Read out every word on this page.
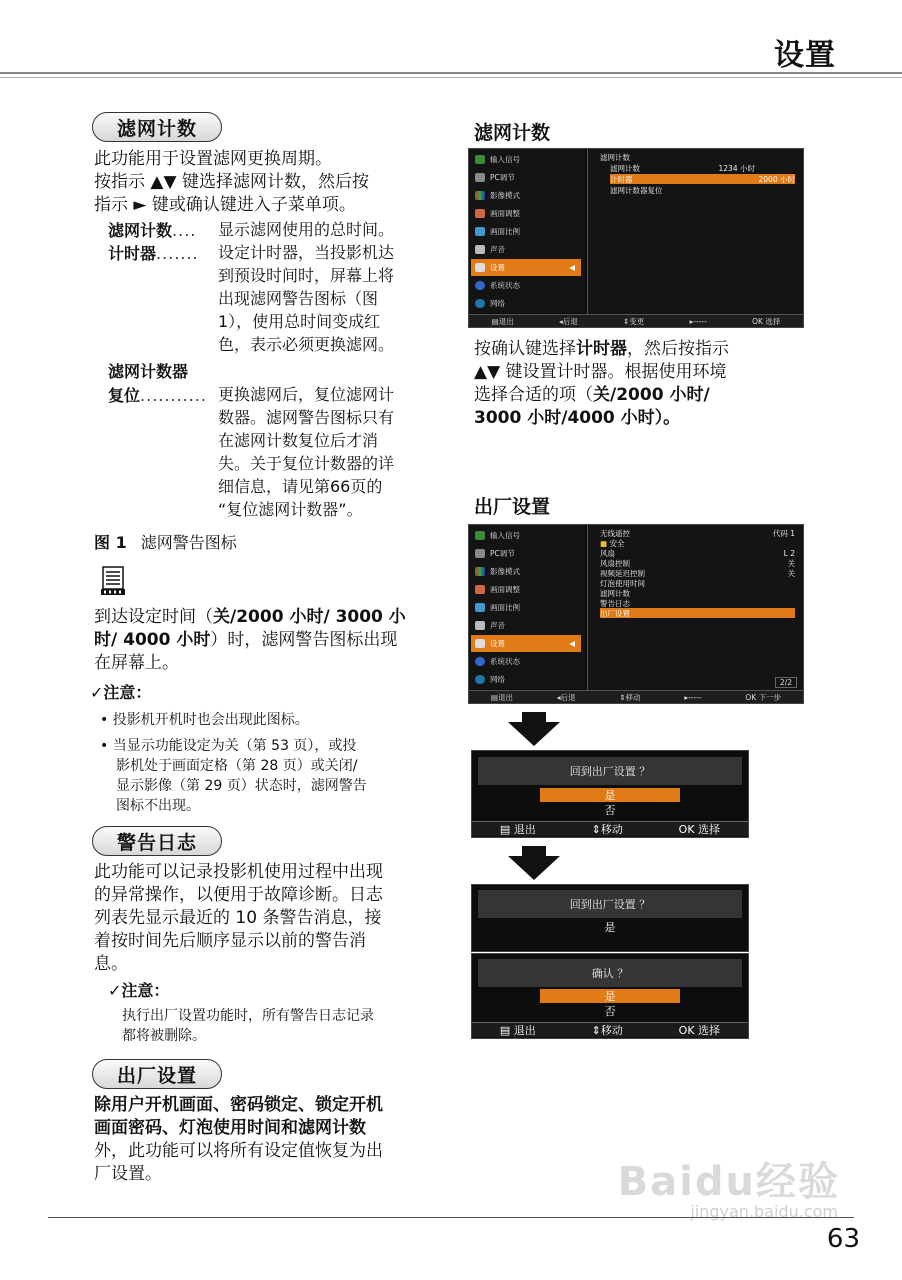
设置
滤网计数
此功能用于设置滤网更换周期。
按指示 ▲▼ 键选择滤网计数，然后按
指示 ► 键或确认键进入子菜单项。
滤网计数.... 显示滤网使用的总时间。
计时器....... 设定计时器，当投影机达
到预设时间时，屏幕上将
出现滤网警告图标（图
1），使用总时间变成红
色，表示必须更换滤网。
滤网计数器
复位........... 更换滤网后，复位滤网计
数器。滤网警告图标只有
在滤网计数复位后才消
失。关于复位计数器的详
细信息，请见第66页的
“复位滤网计数器”。
图 1 滤网警告图标
到达设定时间（关/2000 小时/ 3000 小
时/ 4000 小时）时，滤网警告图标出现
在屏幕上。
✓注意：
• 投影机开机时也会出现此图标。
• 当显示功能设定为关（第 53 页），或投
影机处于画面定格（第 28 页）或关闭/
显示影像（第 29 页）状态时，滤网警告
图标不出现。
警告日志
此功能可以记录投影机使用过程中出现
的异常操作，以便用于故障诊断。日志
列表先显示最近的 10 条警告消息，接
着按时间先后顺序显示以前的警告消
息。
✓注意：
执行出厂设置功能时，所有警告日志记录
都将被删除。
出厂设置
除用户开机画面、密码锁定、锁定开机
画面密码、灯泡使用时间和滤网计数
外，此功能可以将所有设定值恢复为出
厂设置。
滤网计数
输入信号
PC调节
影像模式
画面调整
画面比例
声音
设置	◀
系统状态
网络
滤网计数
滤网计数	1234 小时
计时器	2000 小时
滤网计数器复位
▤退出	◂后退	⇕变更	▸-----	OK 选择
按确认键选择计时器，然后按指示
▲▼ 键设置计时器。根据使用环境
选择合适的项（关/2000 小时/
3000 小时/4000 小时）。
出厂设置
输入信号
PC调节
影像模式
画面调整
画面比例
声音
设置	◀
系统状态
网络
无线遥控	代码 1
■ 安全
风扇	L 2
风扇控制	关
视频延迟控制	关
灯泡使用时间
滤网计数
警告日志
出厂设置
2/2
▤退出	◂后退	⇕移动	▸-----	OK 下一步
回到出厂设置 ？
是
否
▤ 退出	⇕移动	OK 选择
回到出厂设置 ？
是
确认 ？
是
否
▤ 退出	⇕移动	OK 选择
Baidu经验
jingyan.baidu.com
63
